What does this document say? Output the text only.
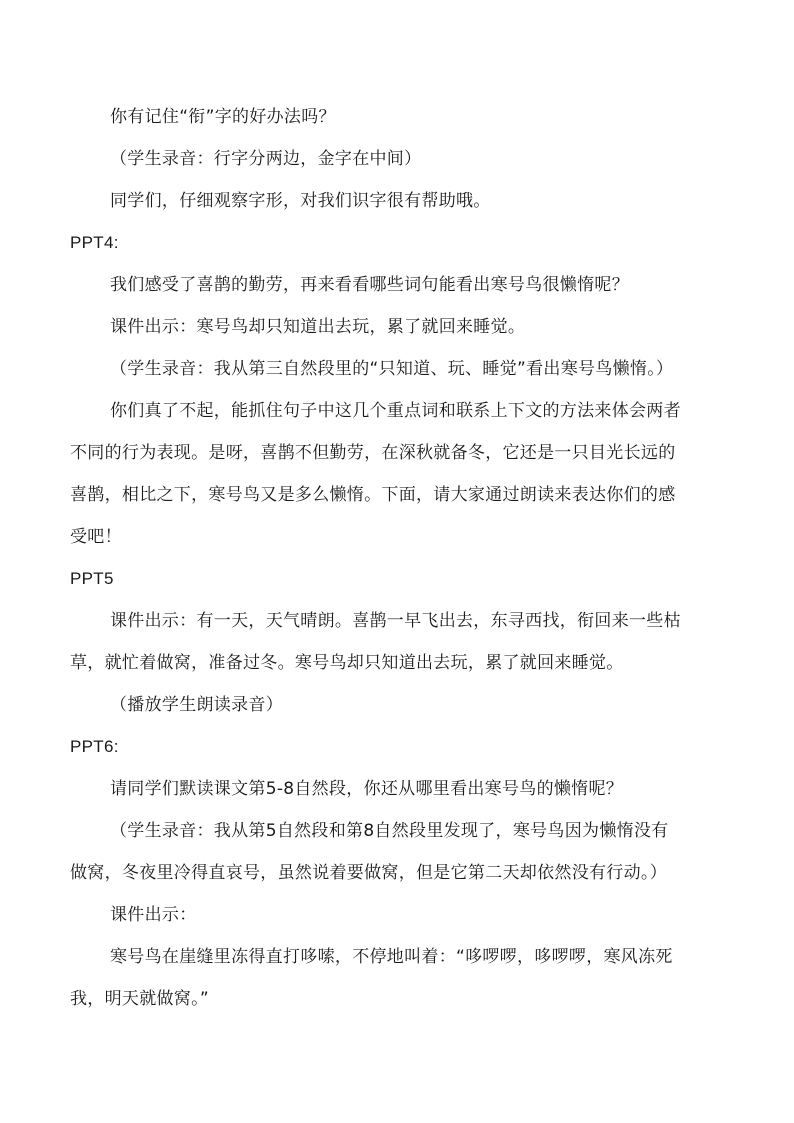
你有记住“衔”字的好办法吗？
（学生录音：行字分两边，金字在中间）
同学们，仔细观察字形，对我们识字很有帮助哦。
PPT4:
我们感受了喜鹊的勤劳，再来看看哪些词句能看出寒号鸟很懒惰呢？
课件出示：寒号鸟却只知道出去玩，累了就回来睡觉。
（学生录音：我从第三自然段里的“只知道、玩、睡觉”看出寒号鸟懒惰。）
你们真了不起，能抓住句子中这几个重点词和联系上下文的方法来体会两者
不同的行为表现。是呀，喜鹊不但勤劳，在深秋就备冬，它还是一只目光长远的
喜鹊，相比之下，寒号鸟又是多么懒惰。下面，请大家通过朗读来表达你们的感
受吧！
PPT5
课件出示：有一天，天气晴朗。喜鹊一早飞出去，东寻西找，衔回来一些枯
草，就忙着做窝，准备过冬。寒号鸟却只知道出去玩，累了就回来睡觉。
（播放学生朗读录音）
PPT6:
请同学们默读课文第5-8自然段，你还从哪里看出寒号鸟的懒惰呢？
（学生录音：我从第5自然段和第8自然段里发现了，寒号鸟因为懒惰没有
做窝，冬夜里冷得直哀号，虽然说着要做窝，但是它第二天却依然没有行动。）
课件出示：
寒号鸟在崖缝里冻得直打哆嗦，不停地叫着：“哆啰啰，哆啰啰，寒风冻死
我，明天就做窝。”
